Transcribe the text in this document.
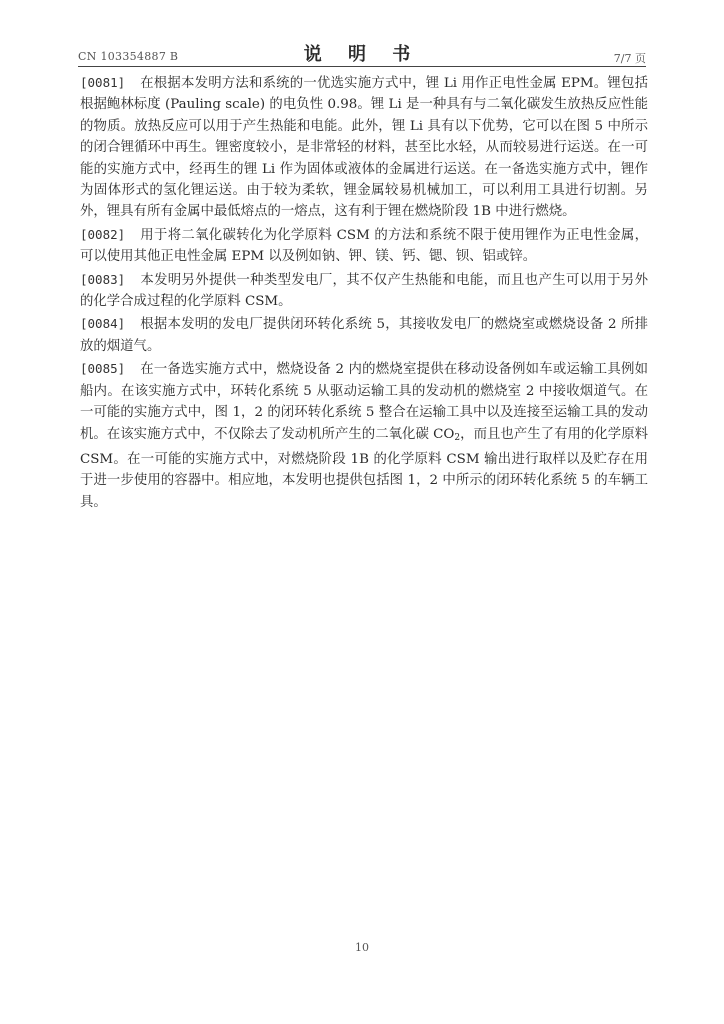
CN 103354887 B	说 明 书	7/7 页

[0081] 在根据本发明方法和系统的一优选实施方式中，锂 Li 用作正电性金属 EPM。锂包括根据鲍林标度 (Pauling scale) 的电负性 0.98。锂 Li 是一种具有与二氧化碳发生放热反应性能的物质。放热反应可以用于产生热能和电能。此外，锂 Li 具有以下优势，它可以在图 5 中所示的闭合锂循环中再生。锂密度较小，是非常轻的材料，甚至比水轻，从而较易进行运送。在一可能的实施方式中，经再生的锂 Li 作为固体或液体的金属进行运送。在一备选实施方式中，锂作为固体形式的氢化锂运送。由于较为柔软，锂金属较易机械加工，可以利用工具进行切割。另外，锂具有所有金属中最低熔点的一熔点，这有利于锂在燃烧阶段 1B 中进行燃烧。

[0082] 用于将二氧化碳转化为化学原料 CSM 的方法和系统不限于使用锂作为正电性金属，可以使用其他正电性金属 EPM 以及例如钠、钾、镁、钙、锶、钡、铝或锌。

[0083] 本发明另外提供一种类型发电厂，其不仅产生热能和电能，而且也产生可以用于另外的化学合成过程的化学原料 CSM。

[0084] 根据本发明的发电厂提供闭环转化系统 5，其接收发电厂的燃烧室或燃烧设备 2 所排放的烟道气。

[0085] 在一备选实施方式中，燃烧设备 2 内的燃烧室提供在移动设备例如车或运输工具例如船内。在该实施方式中，环转化系统 5 从驱动运输工具的发动机的燃烧室 2 中接收烟道气。在一可能的实施方式中，图 1，2 的闭环转化系统 5 整合在运输工具中以及连接至运输工具的发动机。在该实施方式中，不仅除去了发动机所产生的二氧化碳 $CO_2$，而且也产生了有用的化学原料 CSM。在一可能的实施方式中，对燃烧阶段 1B 的化学原料 CSM 输出进行取样以及贮存在用于进一步使用的容器中。相应地，本发明也提供包括图 1，2 中所示的闭环转化系统 5 的车辆工具。

10
